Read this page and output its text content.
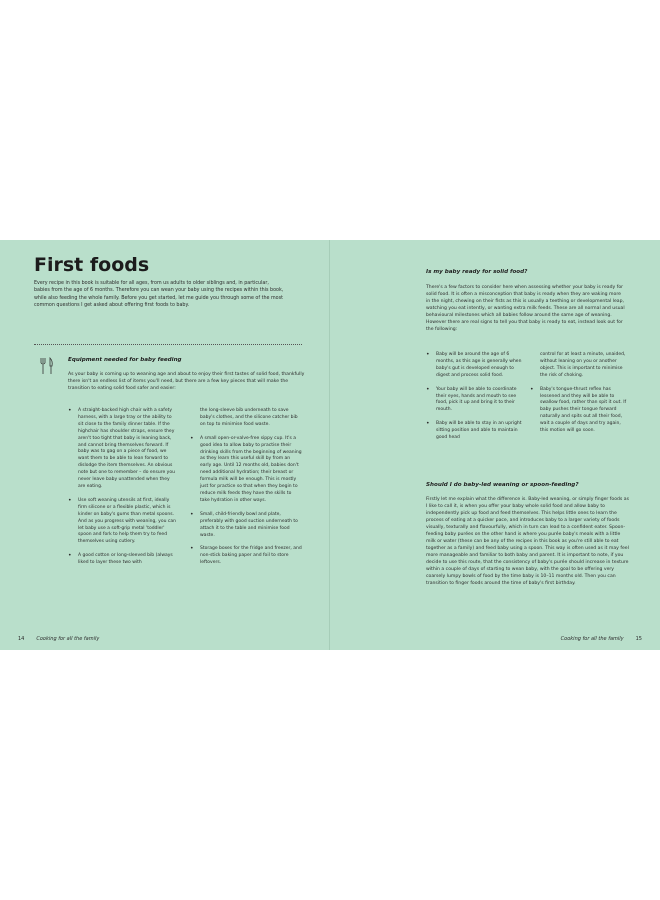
First foods

Every recipe in this book is suitable for all ages, from us adults to older siblings and, in particular, babies from the age of 6 months. Therefore you can wean your baby using the recipes within this book, while also feeding the whole family. Before you get started, let me guide you through some of the most common questions I get asked about offering first foods to baby.

Equipment needed for baby feeding

As your baby is coming up to weaning age and about to enjoy their first tastes of solid food, thankfully there isn't an endless list of items you'll need, but there are a few key pieces that will make the transition to eating solid food safer and easier:

• A straight-backed high chair with a safety harness, with a large tray or the ability to sit close to the family dinner table. If the highchair has shoulder straps, ensure they aren't too tight that baby is leaning back, and cannot bring themselves forward. If baby was to gag on a piece of food, we want them to be able to lean forward to dislodge the item themselves. An obvious note but one to remember – do ensure you never leave baby unattended when they are eating.
• Use soft weaning utensils at first, ideally firm silicone or a flexible plastic, which is kinder on baby's gums than metal spoons. And as you progress with weaning, you can let baby use a soft-grip metal 'toddler' spoon and fork to help them try to feed themselves using cutlery.
• A good cotton or long-sleeved bib (always liked to layer these two with
the long-sleeve bib underneath to save baby's clothes, and the silicone catcher bib on top to minimise food waste.
• A small open-or-valve-free sippy cup. It's a good idea to allow baby to practise their drinking skills from the beginning of weaning as they learn this useful skill by from an early age. Until 12 months old, babies don't need additional hydration; their breast or formula milk will be enough. This is mostly just for practice so that when they begin to reduce milk feeds they have the skills to take hydration in other ways.
• Small, child-friendly bowl and plate, preferably with good suction underneath to attach it to the table and minimise food waste.
• Storage boxes for the fridge and freezer, and non-stick baking paper and foil to store leftovers.

14 Cooking for all the family

Is my baby ready for solid food?

There's a few factors to consider here when assessing whether your baby is ready for solid food. It is often a misconception that baby is ready when they are waking more in the night, chewing on their fists as this is usually a teething or developmental leap, watching you eat intently, or wanting extra milk feeds. These are all normal and usual behavioural milestones which all babies follow around the same age of weaning. However there are real signs to tell you that baby is ready to eat, instead look out for the following:

• Baby will be around the age of 6 months, as this age is generally when baby's gut is developed enough to digest and process solid food.
• Your baby will be able to coordinate their eyes, hands and mouth to see food, pick it up and bring it to their mouth.
• Baby will be able to stay in an upright sitting position and able to maintain good head
control for at least a minute, unaided, without leaning on you or another object. This is important to minimise the risk of choking.
• Baby's tongue-thrust reflex has lessened and they will be able to swallow food, rather than spit it out. If baby pushes their tongue forward naturally and spits out all their food, wait a couple of days and try again, this motion will go soon.
Should I do baby-led weaning or spoon-feeding?

Firstly let me explain what the difference is. Baby-led weaning, or simply finger foods as I like to call it, is when you offer your baby whole solid food and allow baby to independently pick up food and feed themselves. This helps little ones to learn the process of eating at a quicker pace, and introduces baby to a larger variety of foods visually, texturally and flavourfully, which in turn can lead to a confident eater. Spoon-feeding baby purées on the other hand is where you purée baby's meals with a little milk or water (these can be any of the recipes in this book as you're still able to eat together as a family) and feed baby using a spoon. This way is often used as it may feel more manageable and familiar to both baby and parent. It is important to note, if you decide to use this route, that the consistency of baby's purée should increase in texture within a couple of days of starting to wean baby, with the goal to be offering very coarsely lumpy bowls of food by the time baby is 10–11 months old. Then you can transition to finger foods around the time of baby's first birthday.

Cooking for all the family 15
